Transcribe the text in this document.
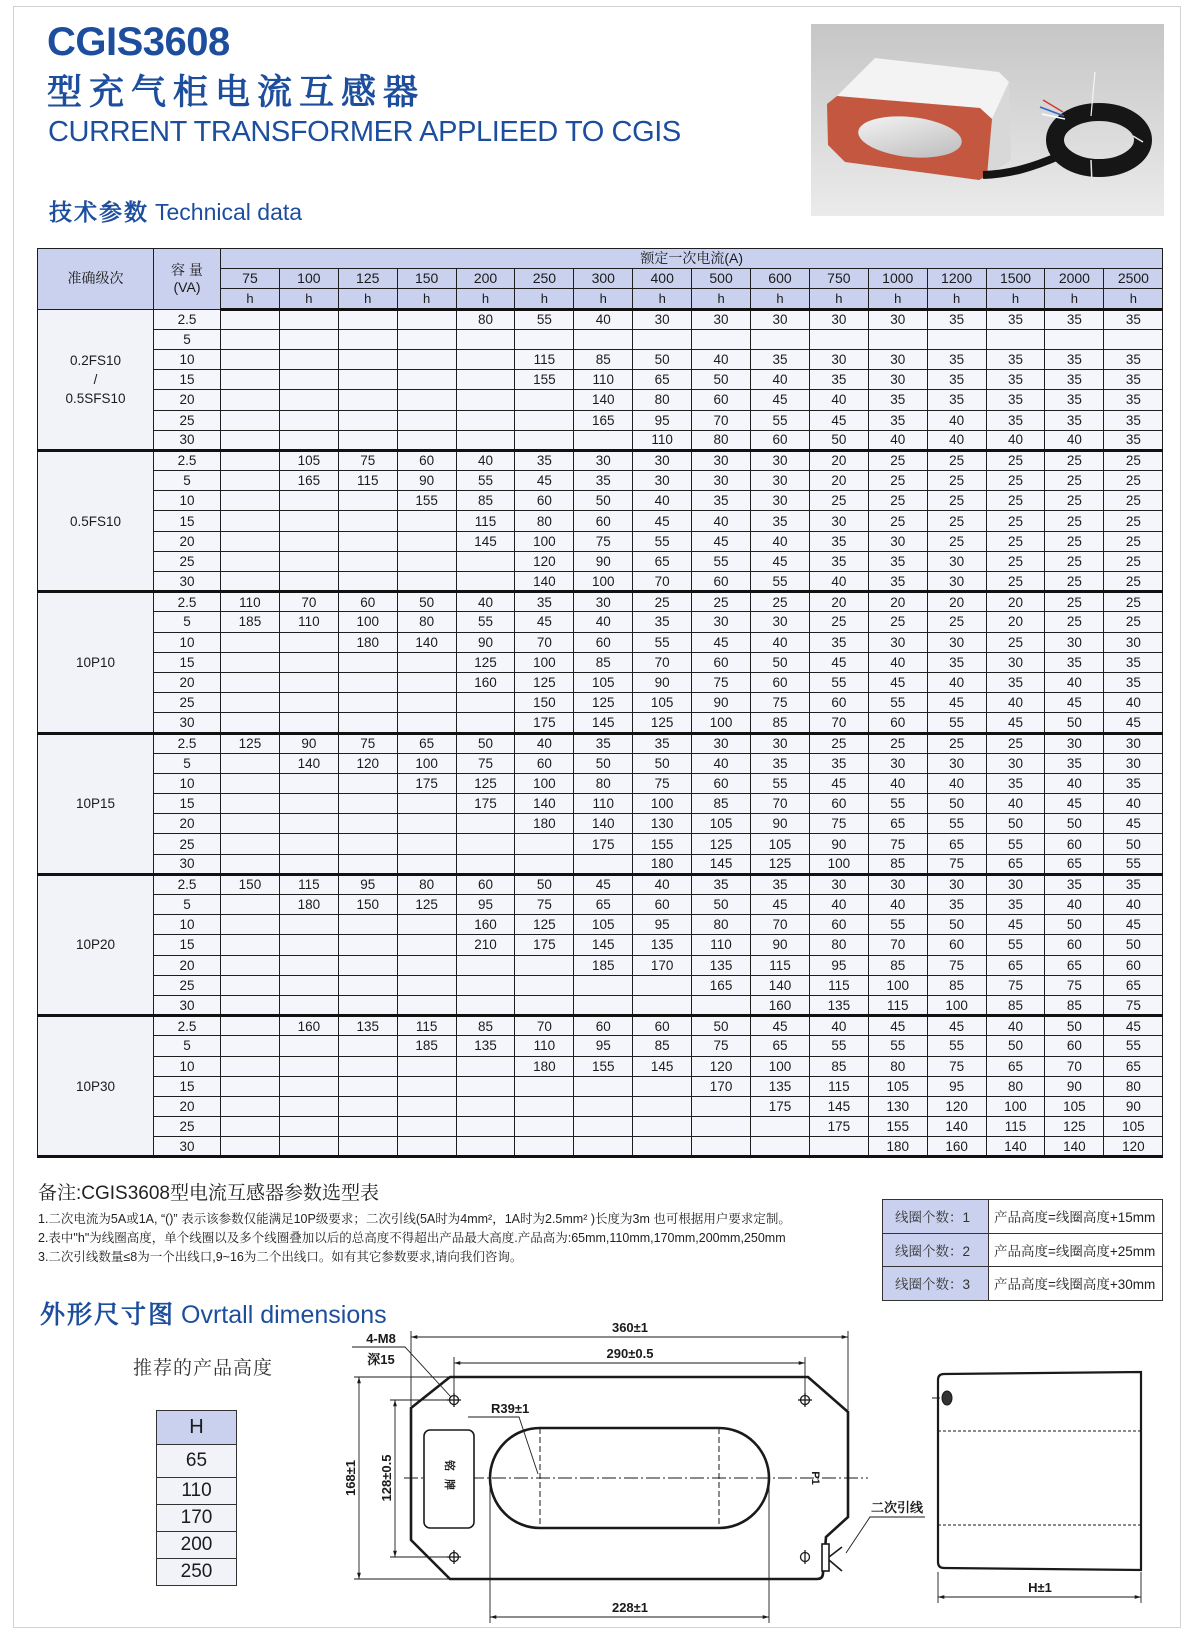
CGIS3608
型充气柜电流互感器
CURRENT TRANSFORMER APPLIEED TO CGIS
技术参数 Technical data
准确级次	容 量
(VA)	额定一次电流(A)															
		75	100	125	150	200	250	300	400	500	600	750	1000	1200	1500	2000	2500
		h	h	h	h	h	h	h	h	h	h	h	h	h	h	h	h

0.2FS10
/
0.5SFS10	2.5					80	55	40	30	30	30	30	30	35	35	35	35
	5																
	10						115	85	50	40	35	30	30	35	35	35	35
	15						155	110	65	50	40	35	30	35	35	35	35
	20							140	80	60	45	40	35	35	35	35	35
	25							165	95	70	55	45	35	40	35	35	35
	30								110	80	60	50	40	40	40	40	35

0.5FS10	2.5		105	75	60	40	35	30	30	30	30	20	25	25	25	25	25
	5		165	115	90	55	45	35	30	30	30	20	25	25	25	25	25
	10				155	85	60	50	40	35	30	25	25	25	25	25	25
	15					115	80	60	45	40	35	30	25	25	25	25	25
	20					145	100	75	55	45	40	35	30	25	25	25	25
	25						120	90	65	55	45	35	35	30	25	25	25
	30						140	100	70	60	55	40	35	30	25	25	25

10P10	2.5	110	70	60	50	40	35	30	25	25	25	20	20	20	20	25	25
	5	185	110	100	80	55	45	40	35	30	30	25	25	25	20	25	25
	10			180	140	90	70	60	55	45	40	35	30	30	25	30	30
	15					125	100	85	70	60	50	45	40	35	30	35	35
	20					160	125	105	90	75	60	55	45	40	35	40	35
	25						150	125	105	90	75	60	55	45	40	45	40
	30						175	145	125	100	85	70	60	55	45	50	45

10P15	2.5	125	90	75	65	50	40	35	35	30	30	25	25	25	25	30	30
	5		140	120	100	75	60	50	50	40	35	35	30	30	30	35	30
	10				175	125	100	80	75	60	55	45	40	40	35	40	35
	15					175	140	110	100	85	70	60	55	50	40	45	40
	20						180	140	130	105	90	75	65	55	50	50	45
	25							175	155	125	105	90	75	65	55	60	50
	30								180	145	125	100	85	75	65	65	55

10P20	2.5	150	115	95	80	60	50	45	40	35	35	30	30	30	30	35	35
	5		180	150	125	95	75	65	60	50	45	40	40	35	35	40	40
	10					160	125	105	95	80	70	60	55	50	45	50	45
	15					210	175	145	135	110	90	80	70	60	55	60	50
	20							185	170	135	115	95	85	75	65	65	60
	25									165	140	115	100	85	75	75	65
	30										160	135	115	100	85	85	75

10P30	2.5		160	135	115	85	70	60	60	50	45	40	45	45	40	50	45
	5				185	135	110	95	85	75	65	55	55	55	50	60	55
	10						180	155	145	120	100	85	80	75	65	70	65
	15									170	135	115	105	95	80	90	80
	20										175	145	130	120	100	105	90
	25											175	155	140	115	125	105
	30												180	160	140	140	120
备注:CGIS3608型电流互感器参数选型表
1.二次电流为5A或1A, “()” 表示该参数仅能满足10P级要求；二次引线(5A时为4mm²，1A时为2.5mm² )长度为3m 也可根据用户要求定制。
2.表中"h"为线圈高度，单个线圈以及多个线圈叠加以后的总高度不得超出产品最大高度.产品高为:65mm,110mm,170mm,200mm,250mm
3.二次引线数量≤8为一个出线口,9~16为二个出线口。如有其它参数要求,请向我们咨询。
线圈个数：1	产品高度=线圈高度+15mm
线圈个数：2	产品高度=线圈高度+25mm
线圈个数：3	产品高度=线圈高度+30mm
外形尺寸图 Ovrtall dimensions
推荐的产品高度
H
65
110
170
200
250
360±1
290±0.5
228±1
168±1 128±0.5
R39±1
4-M8
深15
铭牌	P1
二次引线
H±1
